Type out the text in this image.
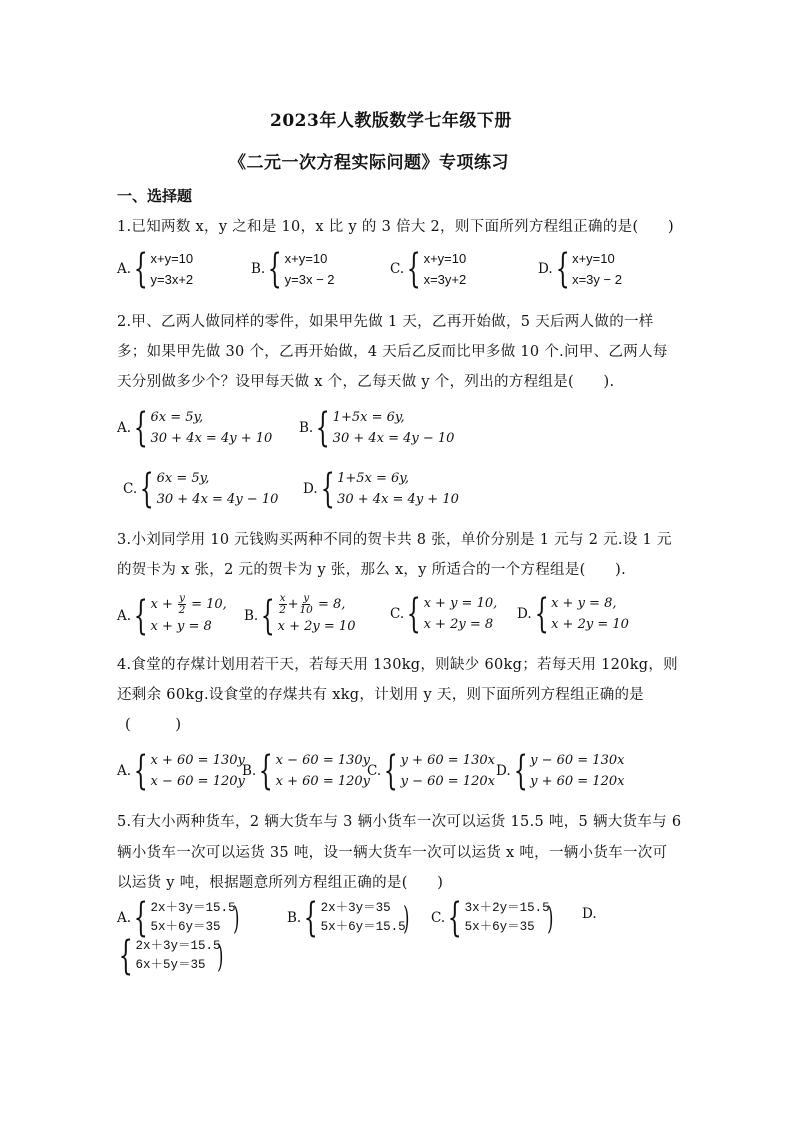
2023年人教版数学七年级下册
《二元一次方程实际问题》专项练习
一、选择题
1.已知两数 x，y 之和是 10，x 比 y 的 3 倍大 2，则下面所列方程组正确的是(　　)
A. { x+y=10
y=3x+2
B. { x+y=10
y=3x − 2
C. { x+y=10
x=3y+2
D. { x+y=10
x=3y − 2
2.甲、乙两人做同样的零件，如果甲先做 1 天，乙再开始做，5 天后两人做的一样
多；如果甲先做 30 个，乙再开始做，4 天后乙反而比甲多做 10 个.问甲、乙两人每
天分别做多少个？设甲每天做 x 个，乙每天做 y 个，列出的方程组是(　　).
A. { 6x = 5y,
30 + 4x = 4y + 10
B. { 1+5x = 6y,
30 + 4x = 4y − 10
C. { 6x = 5y,
30 + 4x = 4y − 10
D. { 1+5x = 6y,
30 + 4x = 4y + 10
3.小刘同学用 10 元钱购买两种不同的贺卡共 8 张，单价分别是 1 元与 2 元.设 1 元
的贺卡为 x 张，2 元的贺卡为 y 张，那么 x，y 所适合的一个方程组是(　　).
A. { $x + \frac{y}{2} = 10$,
x + y = 8
B. { $\frac{x}{2} + \frac{y}{10} = 8$,
x + 2y = 10
C. { x + y = 10,
x + 2y = 8
D. { x + y = 8,
x + 2y = 10
4.食堂的存煤计划用若干天，若每天用 130kg，则缺少 60kg；若每天用 120kg，则
还剩余 60kg.设食堂的存煤共有 xkg，计划用 y 天，则下面所列方程组正确的是
(　　　)
A. { x + 60 = 130y
x − 60 = 120y
B. { x − 60 = 130y
x + 60 = 120y
C. { y + 60 = 130x
y − 60 = 120x
D. { y − 60 = 130x
y + 60 = 120x
5.有大小两种货车，2 辆大货车与 3 辆小货车一次可以运货 15.5 吨，5 辆大货车与 6
辆小货车一次可以运货 35 吨，设一辆大货车一次可以运货 x 吨，一辆小货车一次可
以运货 y 吨，根据题意所列方程组正确的是(　　)
A. { 2x＋3y＝15.5
5x＋6y＝35 )	B. { 2x＋3y＝35
5x＋6y＝15.5
) C. { 3x＋2y＝15.5
5x＋6y＝35 ) D.
{ 2x＋3y＝15.5
6x＋5y＝35 )
